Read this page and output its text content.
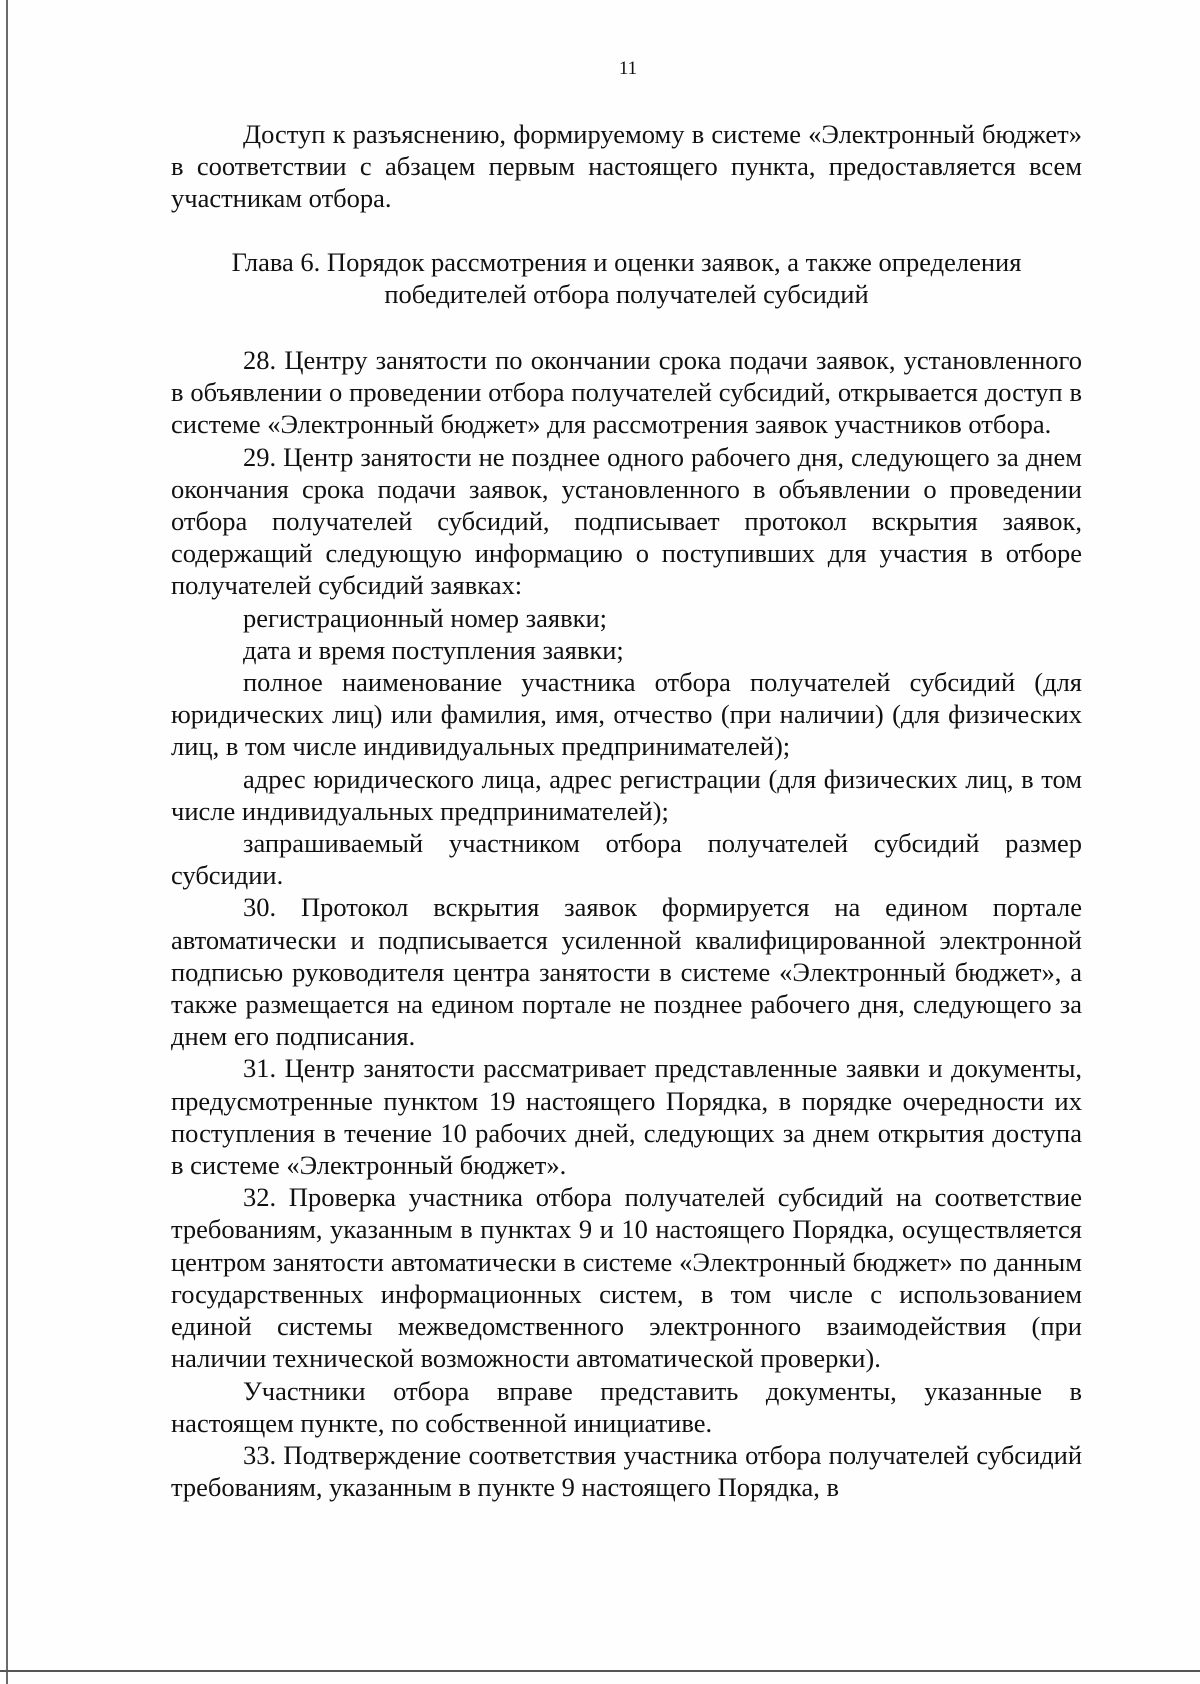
11

Доступ к разъяснению, формируемому в системе «Электронный бюджет» в соответствии с абзацем первым настоящего пункта, предоставляется всем участникам отбора.

Глава 6. Порядок рассмотрения и оценки заявок, а также определения
победителей отбора получателей субсидий

28. Центру занятости по окончании срока подачи заявок, установленного в объявлении о проведении отбора получателей субсидий, открывается доступ в системе «Электронный бюджет» для рассмотрения заявок участников отбора.

29. Центр занятости не позднее одного рабочего дня, следующего за днем окончания срока подачи заявок, установленного в объявлении о проведении отбора получателей субсидий, подписывает протокол вскрытия заявок, содержащий следующую информацию о поступивших для участия в отборе получателей субсидий заявках:

регистрационный номер заявки;

дата и время поступления заявки;

полное наименование участника отбора получателей субсидий (для юридических лиц) или фамилия, имя, отчество (при наличии) (для физических лиц, в том числе индивидуальных предпринимателей);

адрес юридического лица, адрес регистрации (для физических лиц, в том числе индивидуальных предпринимателей);

запрашиваемый участником отбора получателей субсидий размер субсидии.

30. Протокол вскрытия заявок формируется на едином портале автоматически и подписывается усиленной квалифицированной электронной подписью руководителя центра занятости в системе «Электронный бюджет», а также размещается на едином портале не позднее рабочего дня, следующего за днем его подписания.

31. Центр занятости рассматривает представленные заявки и документы, предусмотренные пунктом 19 настоящего Порядка, в порядке очередности их поступления в течение 10 рабочих дней, следующих за днем открытия доступа в системе «Электронный бюджет».

32. Проверка участника отбора получателей субсидий на соответствие требованиям, указанным в пунктах 9 и 10 настоящего Порядка, осуществляется центром занятости автоматически в системе «Электронный бюджет» по данным государственных информационных систем, в том числе с использованием единой системы межведомственного электронного взаимодействия (при наличии технической возможности автоматической проверки).

Участники отбора вправе представить документы, указанные в настоящем пункте, по собственной инициативе.

33. Подтверждение соответствия участника отбора получателей субсидий требованиям, указанным в пункте 9 настоящего Порядка, в
